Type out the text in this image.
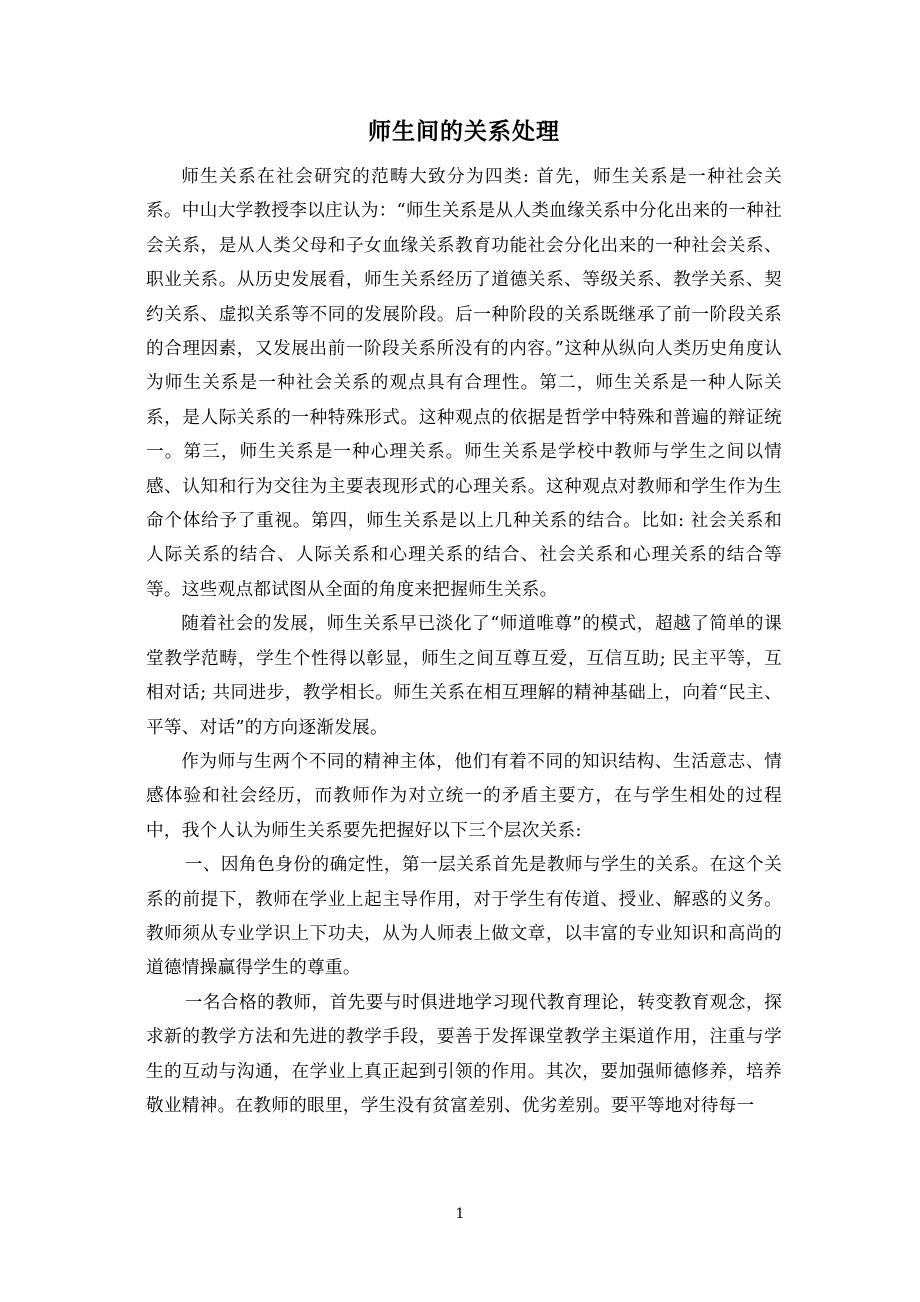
师生间的关系处理

师生关系在社会研究的范畴大致分为四类: 首先，师生关系是一种社会关系。中山大学教授李以庄认为：“师生关系是从人类血缘关系中分化出来的一种社会关系，是从人类父母和子女血缘关系教育功能社会分化出来的一种社会关系、职业关系。从历史发展看，师生关系经历了道德关系、等级关系、教学关系、契约关系、虚拟关系等不同的发展阶段。后一种阶段的关系既继承了前一阶段关系的合理因素，又发展出前一阶段关系所没有的内容。”这种从纵向人类历史角度认为师生关系是一种社会关系的观点具有合理性。第二，师生关系是一种人际关系，是人际关系的一种特殊形式。这种观点的依据是哲学中特殊和普遍的辩证统一。第三，师生关系是一种心理关系。师生关系是学校中教师与学生之间以情感、认知和行为交往为主要表现形式的心理关系。这种观点对教师和学生作为生命个体给予了重视。第四，师生关系是以上几种关系的结合。比如: 社会关系和人际关系的结合、人际关系和心理关系的结合、社会关系和心理关系的结合等等。这些观点都试图从全面的角度来把握师生关系。

随着社会的发展，师生关系早已淡化了“师道唯尊”的模式，超越了简单的课堂教学范畴，学生个性得以彰显，师生之间互尊互爱，互信互助; 民主平等，互相对话; 共同进步，教学相长。师生关系在相互理解的精神基础上，向着“民主、平等、对话”的方向逐渐发展。

作为师与生两个不同的精神主体，他们有着不同的知识结构、生活意志、情感体验和社会经历，而教师作为对立统一的矛盾主要方，在与学生相处的过程中，我个人认为师生关系要先把握好以下三个层次关系:

一、因角色身份的确定性，第一层关系首先是教师与学生的关系。在这个关系的前提下，教师在学业上起主导作用，对于学生有传道、授业、解惑的义务。教师须从专业学识上下功夫，从为人师表上做文章，以丰富的专业知识和高尚的道德情操赢得学生的尊重。

一名合格的教师，首先要与时俱进地学习现代教育理论，转变教育观念，探求新的教学方法和先进的教学手段，要善于发挥课堂教学主渠道作用，注重与学生的互动与沟通，在学业上真正起到引领的作用。其次，要加强师德修养，培养敬业精神。在教师的眼里，学生没有贫富差别、优劣差别。要平等地对待每一

1
